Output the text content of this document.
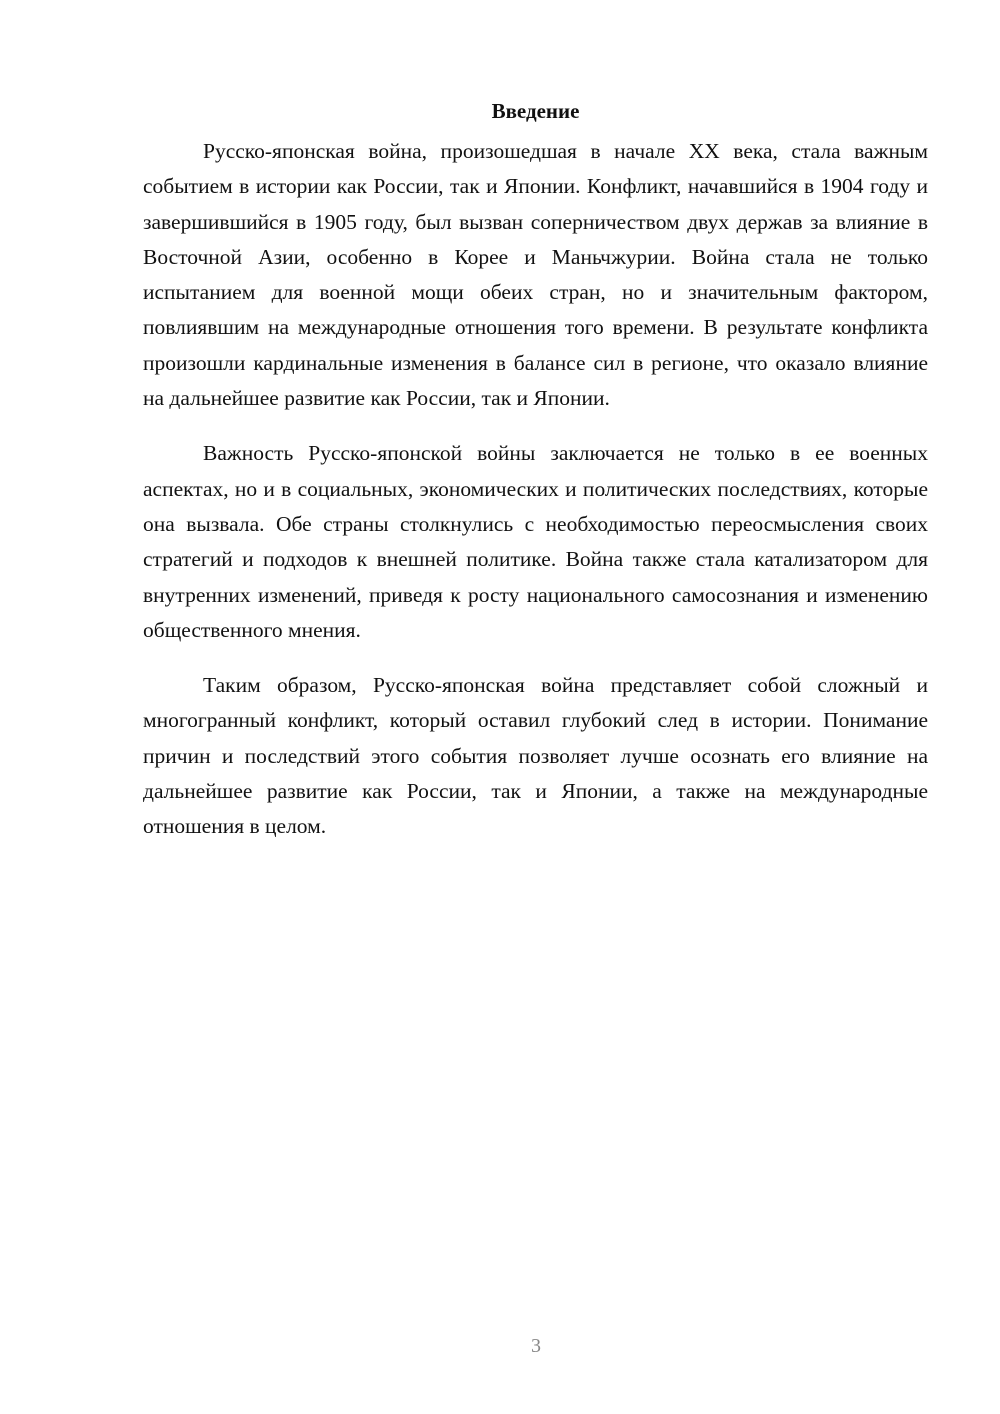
Введение

Русско-японская война, произошедшая в начале XX века, стала важным событием в истории как России, так и Японии. Конфликт, начавшийся в 1904 году и завершившийся в 1905 году, был вызван соперничеством двух держав за влияние в Восточной Азии, особенно в Корее и Маньчжурии. Война стала не только испытанием для военной мощи обеих стран, но и значительным фактором, повлиявшим на международные отношения того времени. В результате конфликта произошли кардинальные изменения в балансе сил в регионе, что оказало влияние на дальнейшее развитие как России, так и Японии.

Важность Русско-японской войны заключается не только в ее военных аспектах, но и в социальных, экономических и политических последствиях, которые она вызвала. Обе страны столкнулись с необходимостью переосмысления своих стратегий и подходов к внешней политике. Война также стала катализатором для внутренних изменений, приведя к росту национального самосознания и изменению общественного мнения.

Таким образом, Русско-японская война представляет собой сложный и многогранный конфликт, который оставил глубокий след в истории. Понимание причин и последствий этого события позволяет лучше осознать его влияние на дальнейшее развитие как России, так и Японии, а также на международные отношения в целом.

3
